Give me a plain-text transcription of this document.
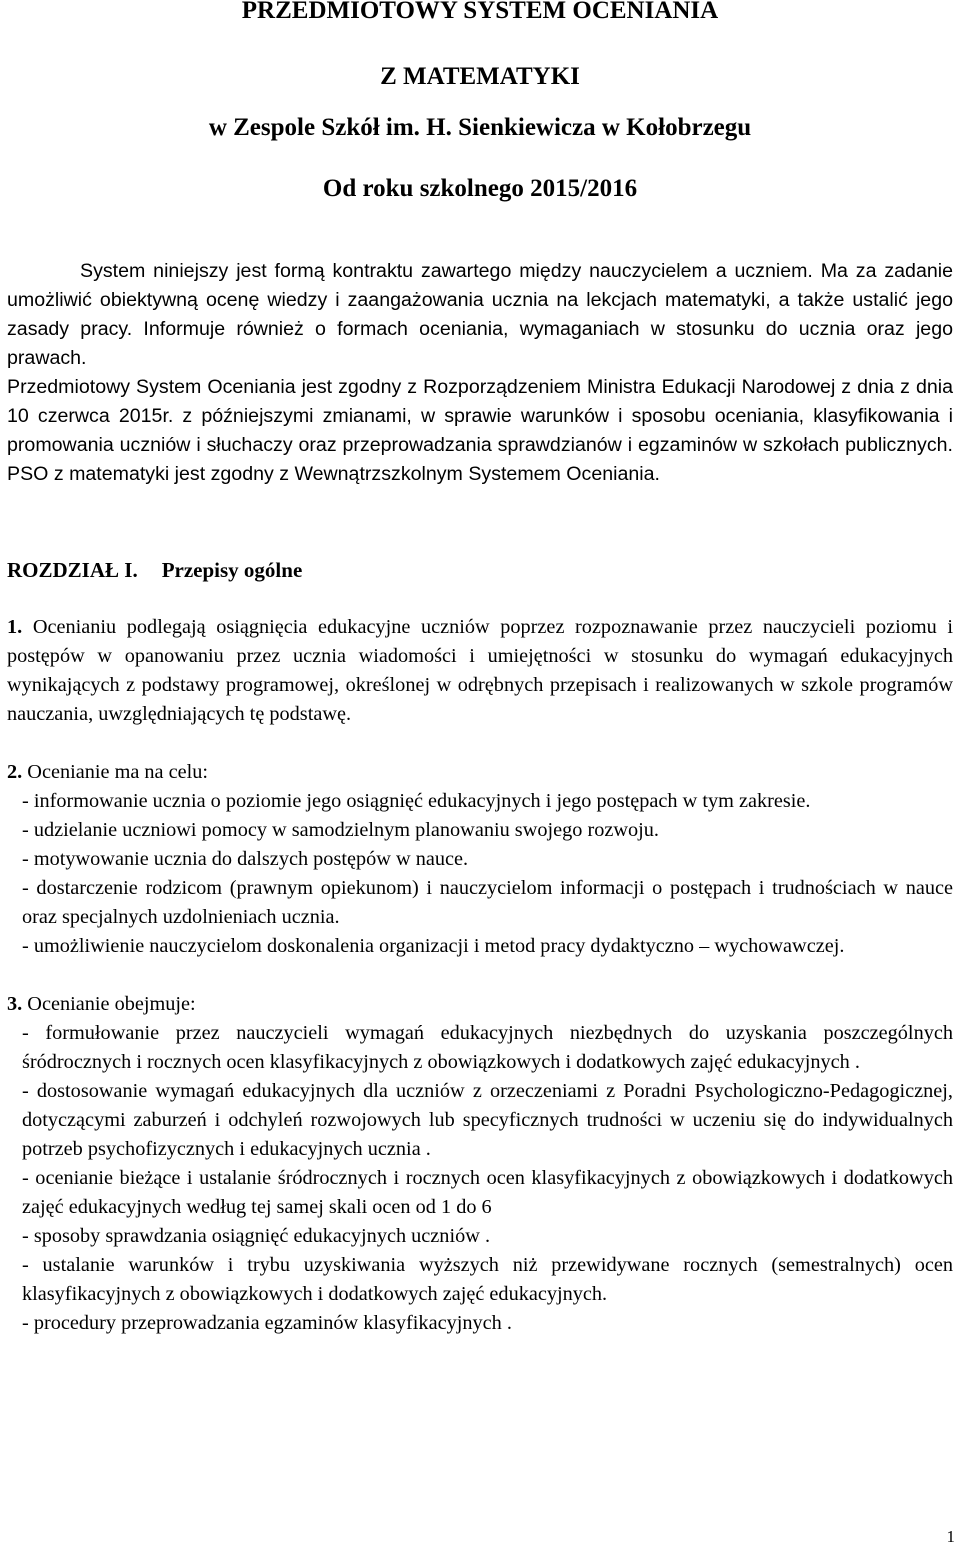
PRZEDMIOTOWY SYSTEM OCENIANIA
Z MATEMATYKI
w Zespole Szkół im. H. Sienkiewicza w Kołobrzegu
Od roku szkolnego 2015/2016
System niniejszy jest formą kontraktu zawartego między nauczycielem a uczniem. Ma za zadanie umożliwić obiektywną ocenę wiedzy i zaangażowania ucznia na lekcjach matematyki, a także ustalić jego zasady pracy. Informuje również o formach oceniania, wymaganiach w stosunku do ucznia oraz jego prawach.
Przedmiotowy System Oceniania jest zgodny z Rozporządzeniem Ministra Edukacji Narodowej z dnia z dnia 10 czerwca 2015r. z późniejszymi zmianami, w sprawie warunków i sposobu oceniania, klasyfikowania i promowania uczniów i słuchaczy oraz przeprowadzania sprawdzianów i egzaminów w szkołach publicznych. PSO z matematyki jest zgodny z Wewnątrzszkolnym Systemem Oceniania.
ROZDZIAŁ I. Przepisy ogólne

1. Ocenianiu podlegają osiągnięcia edukacyjne uczniów poprzez rozpoznawanie przez nauczycieli poziomu i postępów w opanowaniu przez ucznia wiadomości i umiejętności w stosunku do wymagań edukacyjnych wynikających z podstawy programowej, określonej w odrębnych przepisach i realizowanych w szkole programów nauczania, uwzględniających tę podstawę.

2. Ocenianie ma na celu:

- informowanie ucznia o poziomie jego osiągnięć edukacyjnych i jego postępach w tym zakresie.

- udzielanie uczniowi pomocy w samodzielnym planowaniu swojego rozwoju.

- motywowanie ucznia do dalszych postępów w nauce.

- dostarczenie rodzicom (prawnym opiekunom) i nauczycielom informacji o postępach i trudnościach w nauce oraz specjalnych uzdolnieniach ucznia.

- umożliwienie nauczycielom doskonalenia organizacji i metod pracy dydaktyczno – wychowawczej.

3. Ocenianie obejmuje:

- formułowanie przez nauczycieli wymagań edukacyjnych niezbędnych do uzyskania poszczególnych śródrocznych i rocznych ocen klasyfikacyjnych z obowiązkowych i dodatkowych zajęć edukacyjnych .

- dostosowanie wymagań edukacyjnych dla uczniów z orzeczeniami z Poradni Psychologiczno-Pedagogicznej, dotyczącymi zaburzeń i odchyleń rozwojowych lub specyficznych trudności w uczeniu się do indywidualnych potrzeb psychofizycznych i edukacyjnych ucznia .

- ocenianie bieżące i ustalanie śródrocznych i rocznych ocen klasyfikacyjnych z obowiązkowych i dodatkowych zajęć edukacyjnych według tej samej skali ocen od 1 do 6

- sposoby sprawdzania osiągnięć edukacyjnych uczniów .

- ustalanie warunków i trybu uzyskiwania wyższych niż przewidywane rocznych (semestralnych) ocen klasyfikacyjnych z obowiązkowych i dodatkowych zajęć edukacyjnych.

- procedury przeprowadzania egzaminów klasyfikacyjnych .

1
